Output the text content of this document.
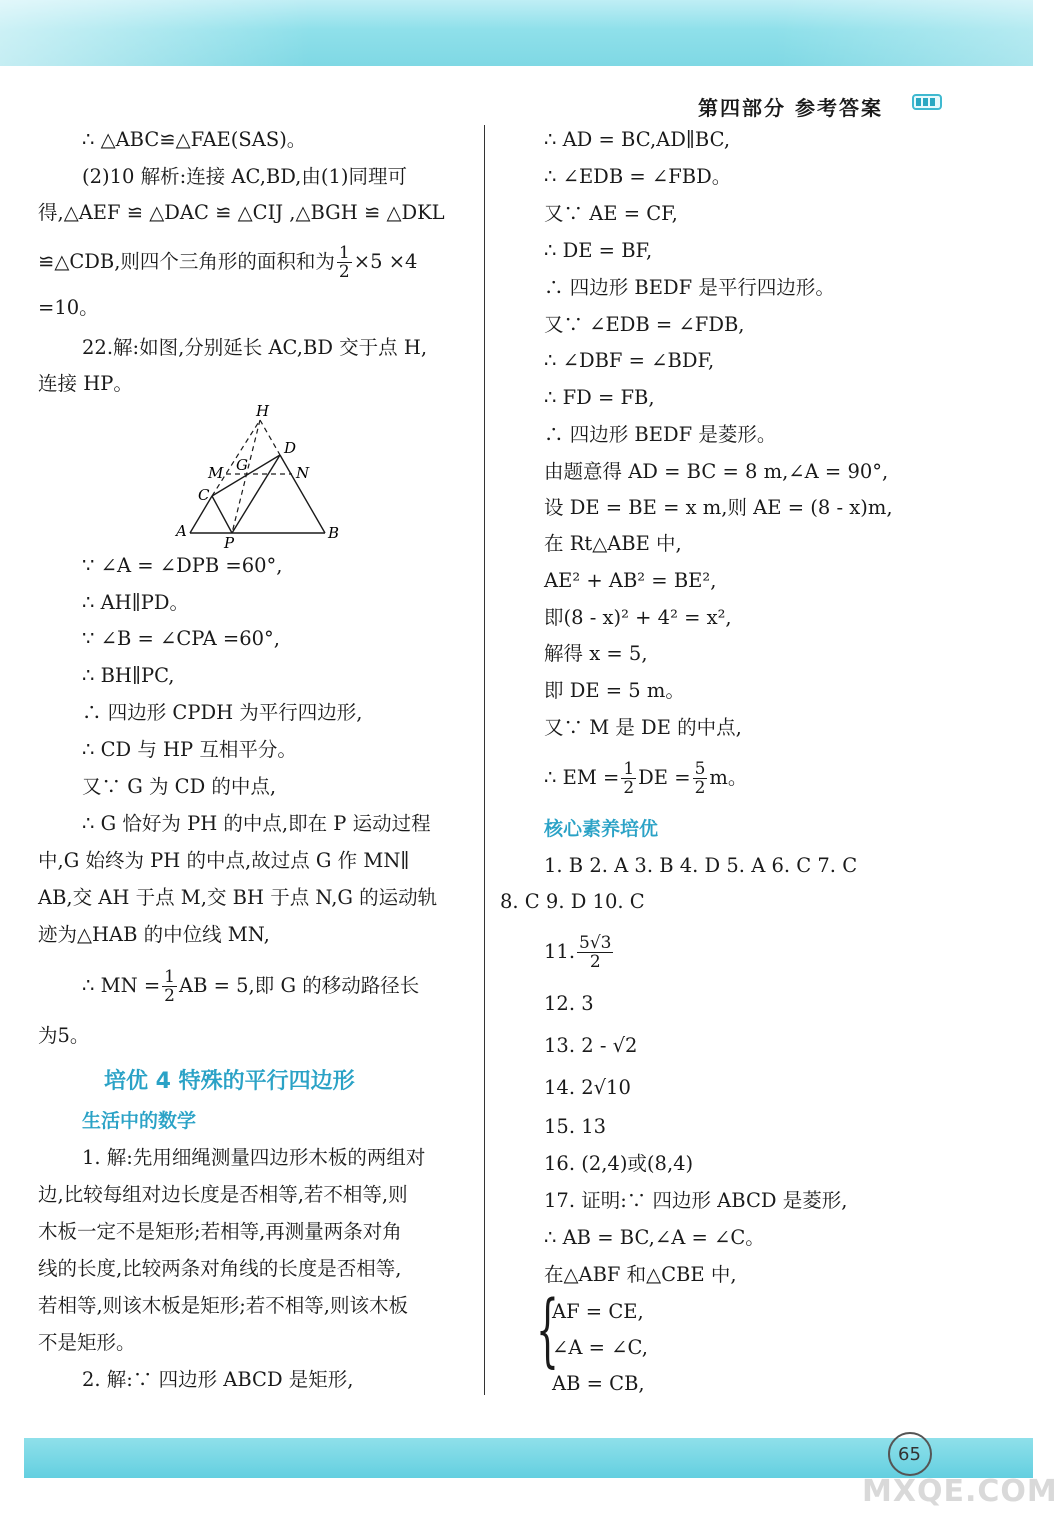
第四部分 参考答案
∴ △ABC≌△FAE(SAS)。
(2)10 解析:连接 AC,BD,由(1)同理可
得,△AEF ≌ △DAC ≌ △CIJ ,△BGH ≌ △DKL
≌△CDB,则四个三角形的面积和为 $\frac{1}{2} \times 5 \times 4$
=10。
22.解:如图,分别延长 AC,BD 交于点 H,
连接 HP。
∵ ∠A = ∠DPB =60°,
∴ AH∥PD。
∵ ∠B = ∠CPA =60°,
∴ BH∥PC,
∴ 四边形 CPDH 为平行四边形,
∴ CD 与 HP 互相平分。
又∵ G 为 CD 的中点,
∴ G 恰好为 PH 的中点,即在 P 运动过程
中,G 始终为 PH 的中点,故过点 G 作 MN∥
AB,交 AH 于点 M,交 BH 于点 N,G 的运动轨
迹为△HAB 的中位线 MN,
∴ MN = $\frac{1}{2}$ AB = 5,即 G 的移动路径长
为5。
培优 4 特殊的平行四边形
生活中的数学
1. 解:先用细绳测量四边形木板的两组对
边,比较每组对边长度是否相等,若不相等,则
木板一定不是矩形;若相等,再测量两条对角
线的长度,比较两条对角线的长度是否相等,
若相等,则该木板是矩形;若不相等,则该木板
不是矩形。
2. 解:∵ 四边形 ABCD 是矩形,
H
D
M G	N
C
A
P
B
∴ AD = BC,AD∥BC,
∴ ∠EDB = ∠FBD。
又∵ AE = CF,
∴ DE = BF,
∴ 四边形 BEDF 是平行四边形。
又∵ ∠EDB = ∠FDB,
∴ ∠DBF = ∠BDF,
∴ FD = FB,
∴ 四边形 BEDF 是菱形。
由题意得 AD = BC = 8 m,∠A = 90°,
设 DE = BE = x m,则 AE = (8 - x)m,
在 Rt△ABE 中,
AE² + AB² = BE²,
即(8 - x)² + 4² = x²,
解得 x = 5,
即 DE = 5 m。
又∵ M 是 DE 的中点,
∴ EM = $\frac{1}{2}$ DE = $\frac{5}{2}$ m。
核心素养培优
1. B 2. A 3. B 4. D 5. A 6. C 7. C
8. C 9. D 10. C
11. $\frac{5√3}{2}$
12. 3
13. 2 - √2
14. 2√10
15. 13
16. (2,4)或(8,4)
17. 证明:∵ 四边形 ABCD 是菱形,
∴ AB = BC,∠A = ∠C。
在△ABF 和△CBE 中,
{
AF = CE,
∠A = ∠C,
AB = CB,
65
MXQE.COM
